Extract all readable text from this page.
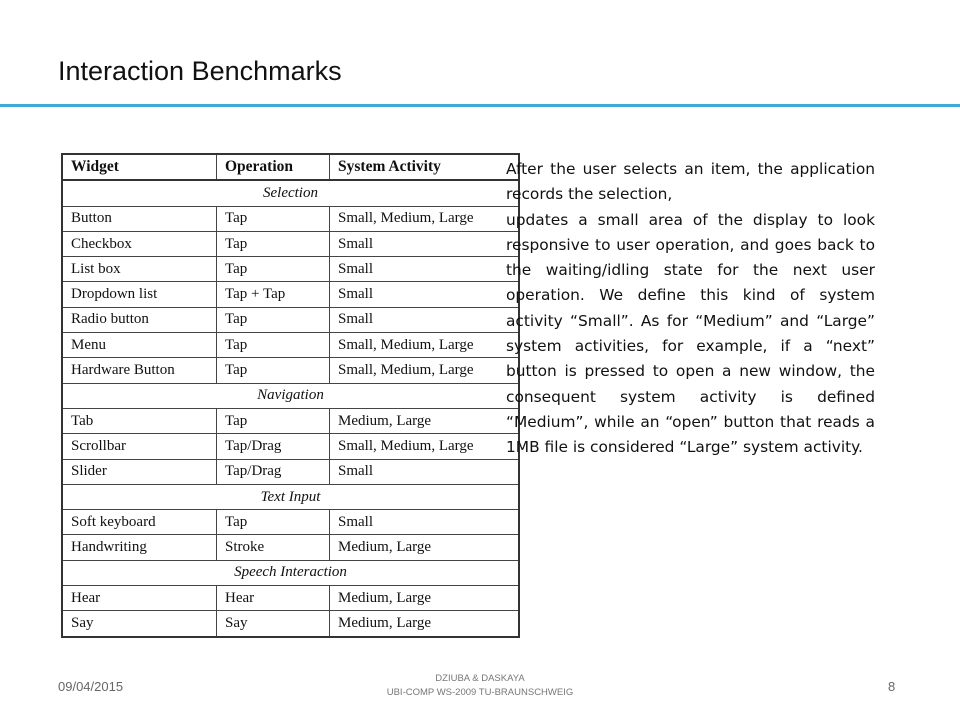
Interaction Benchmarks
Widget	Operation	System Activity
Selection		
Button	Tap	Small, Medium, Large
Checkbox	Tap	Small
List box	Tap	Small
Dropdown list	Tap + Tap	Small
Radio button	Tap	Small
Menu	Tap	Small, Medium, Large
Hardware Button	Tap	Small, Medium, Large
Navigation		
Tab	Tap	Medium, Large
Scrollbar	Tap/Drag	Small, Medium, Large
Slider	Tap/Drag	Small
Text Input		
Soft keyboard	Tap	Small
Handwriting	Stroke	Medium, Large
Speech Interaction		
Hear	Hear	Medium, Large
Say	Say	Medium, Large

After the user selects an item, the application records the selection,

updates a small area of the display to look responsive to user operation, and goes back to the waiting/idling state for the next user operation. We define this kind of system activity “Small”. As for “Medium” and “Large” system activities, for example, if a “next” button is pressed to open a new window, the consequent system activity is defined “Medium”, while an “open” button that reads a 1MB file is considered “Large” system activity.

09/04/2015
DZIUBA & DASKAYA
UBI-COMP WS-2009 TU-BRAUNSCHWEIG	8
